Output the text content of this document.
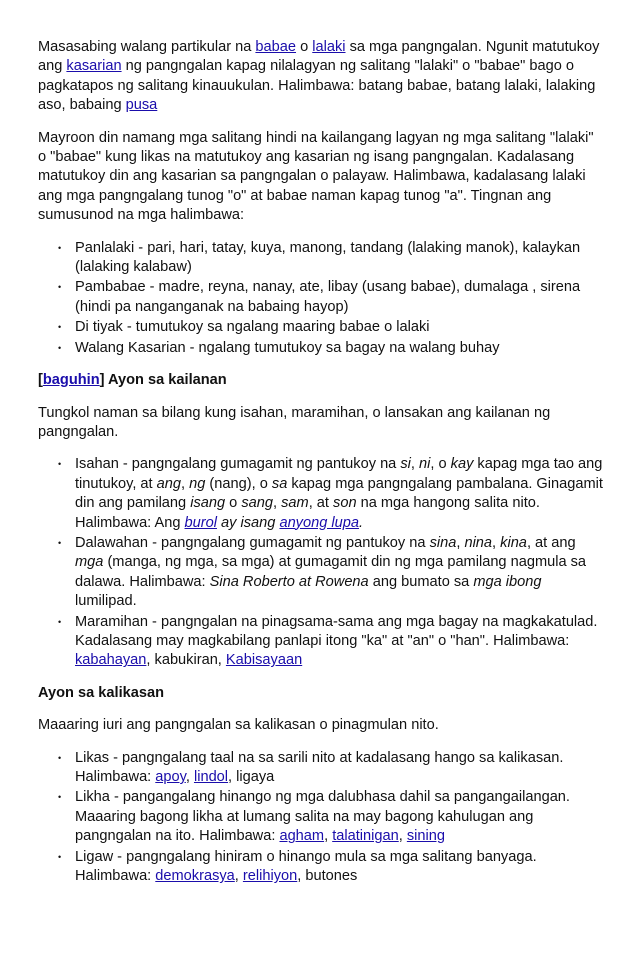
Masasabing walang partikular na babae o lalaki sa mga pangngalan. Ngunit matutukoy ang kasarian ng pangngalan kapag nilalagyan ng salitang "lalaki" o "babae" bago o pagkatapos ng salitang kinauukulan. Halimbawa: batang babae, batang lalaki, lalaking aso, babaing pusa

Mayroon din namang mga salitang hindi na kailangang lagyan ng mga salitang "lalaki" o "babae" kung likas na matutukoy ang kasarian ng isang pangngalan. Kadalasang matutukoy din ang kasarian sa pangngalan o palayaw. Halimbawa, kadalasang lalaki ang mga pangngalang tunog "o" at babae naman kapag tunog "a". Tingnan ang sumusunod na mga halimbawa:

• Panlalaki - pari, hari, tatay, kuya, manong, tandang (lalaking manok), kalaykan (lalaking kalabaw)
• Pambabae - madre, reyna, nanay, ate, libay (usang babae), dumalaga , sirena (hindi pa nanganganak na babaing hayop)
• Di tiyak - tumutukoy sa ngalang maaring babae o lalaki
• Walang Kasarian - ngalang tumutukoy sa bagay na walang buhay
[baguhin] Ayon sa kailanan

Tungkol naman sa bilang kung isahan, maramihan, o lansakan ang kailanan ng pangngalan.

• Isahan - pangngalang gumagamit ng pantukoy na si, ni, o kay kapag mga tao ang tinutukoy, at ang, ng (nang), o sa kapag mga pangngalang pambalana. Ginagamit din ang pamilang isang o sang, sam, at son na mga hangong salita nito. Halimbawa: Ang burol ay isang anyong lupa.
• Dalawahan - pangngalang gumagamit ng pantukoy na sina, nina, kina, at ang mga (manga, ng mga, sa mga) at gumagamit din ng mga pamilang nagmula sa dalawa. Halimbawa: Sina Roberto at Rowena ang bumato sa mga ibong lumilipad.
• Maramihan - pangngalan na pinagsama-sama ang mga bagay na magkakatulad. Kadalasang may magkabilang panlapi itong "ka" at "an" o "han". Halimbawa: kabahayan, kabukiran, Kabisayaan
Ayon sa kalikasan

Maaaring iuri ang pangngalan sa kalikasan o pinagmulan nito.

• Likas - pangngalang taal na sa sarili nito at kadalasang hango sa kalikasan. Halimbawa: apoy, lindol, ligaya
• Likha - pangangalang hinango ng mga dalubhasa dahil sa pangangailangan. Maaaring bagong likha at lumang salita na may bagong kahulugan ang pangngalan na ito. Halimbawa: agham, talatinigan, sining
• Ligaw - pangngalang hiniram o hinango mula sa mga salitang banyaga. Halimbawa: demokrasya, relihiyon, butones
